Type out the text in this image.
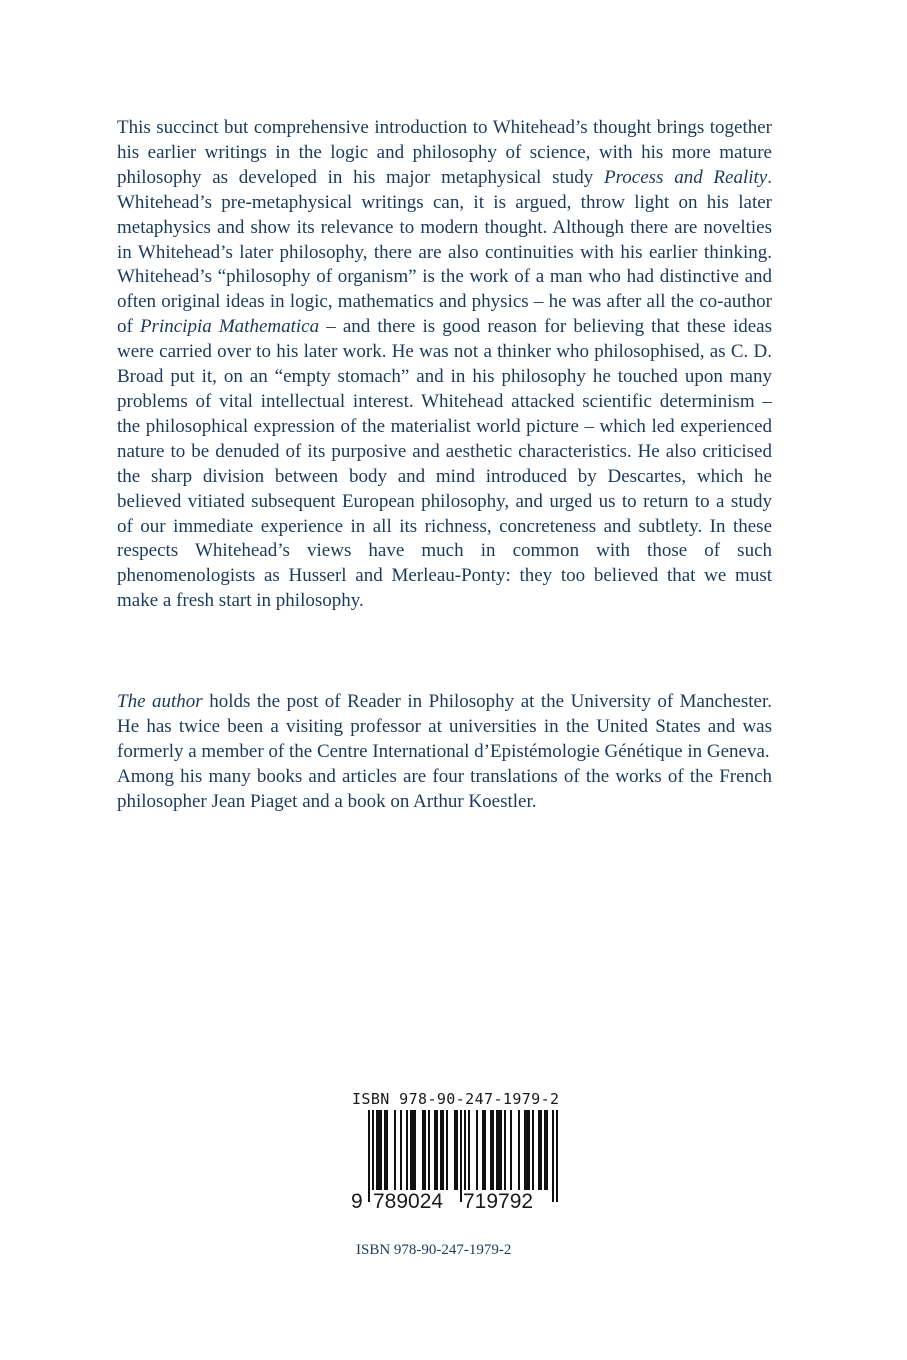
This succinct but comprehensive introduction to Whitehead’s thought brings together his earlier writings in the logic and philosophy of science, with his more mature philosophy as developed in his major metaphysical study Process and Reality. Whitehead’s pre-metaphysical writings can, it is argued, throw light on his later metaphysics and show its relevance to modern thought. Although there are novelties in Whitehead’s later philosophy, there are also continuities with his earlier thinking. Whitehead’s “philosophy of organism” is the work of a man who had distinctive and often original ideas in logic, mathematics and physics – he was after all the co-author of Principia Mathematica – and there is good reason for believing that these ideas were carried over to his later work. He was not a thinker who philosophised, as C. D. Broad put it, on an “empty stomach” and in his philosophy he touched upon many problems of vital intellectual interest. Whitehead attacked scientific determinism – the philosophical expression of the materialist world picture – which led experienced nature to be denuded of its purposive and aesthetic characteristics. He also criticised the sharp division between body and mind introduced by Descartes, which he believed vitiated subsequent European philosophy, and urged us to return to a study of our immediate experience in all its richness, concreteness and subtlety. In these respects Whitehead’s views have much in common with those of such phenomenologists as Husserl and Merleau-Ponty: they too believed that we must make a fresh start in philosophy.

The author holds the post of Reader in Philosophy at the University of Manchester. He has twice been a visiting professor at universities in the United States and was formerly a member of the Centre International d’Epistémologie Génétique in Geneva.

Among his many books and articles are four translations of the works of the French philosopher Jean Piaget and a book on Arthur Koestler.

ISBN 978-90-247-1979-2
9 789024 719792
ISBN 978-90-247-1979-2
